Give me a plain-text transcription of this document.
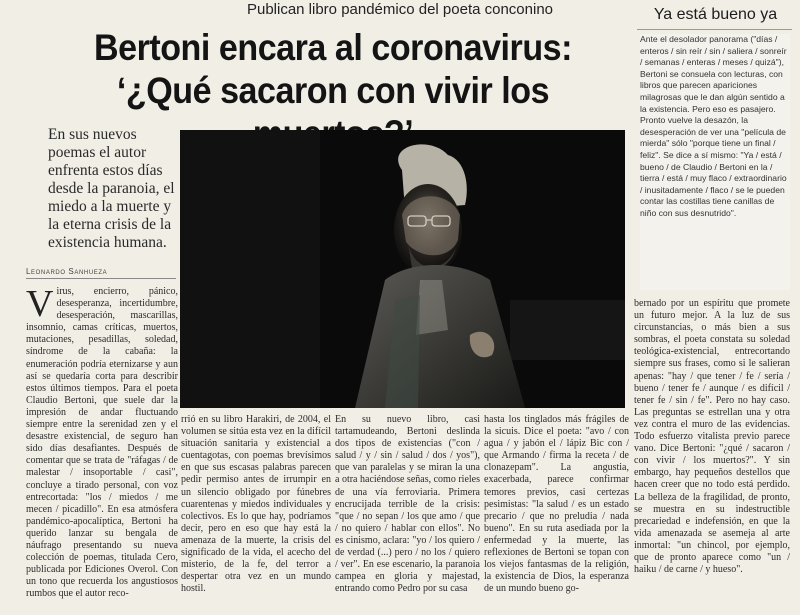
Publican libro pandémico del poeta conconino
Bertoni encara al coronavirus:
‘¿Qué sacaron con vivir los
En sus nuevos poemas el autor enfrenta estos días desde la paranoia, el miedo a la muerte y la eterna crisis de la existencia humana.
Leonardo Sanhueza
Virus, encierro, pánico, desesperanza, incertidumbre, desesperación, mascarillas, insomnio, camas críticas, muertos, mutaciones, pesadillas, soledad, síndrome de la cabaña: la enumeración podría eternizarse y aun así se quedaría corta para describir estos últimos tiempos. Para el poeta Claudio Bertoni, que suele dar la impresión de andar fluctuando siempre entre la serenidad zen y el desastre existencial, de seguro han sido días desafiantes. Después de comentar que se trata de "ráfagas / de malestar / insoportable / casi", concluye a tirado personal, con voz entrecortada: "los / miedos / me mecen / picadillo". En esa atmósfera pandémico-apocalíptica, Bertoni ha querido lanzar su bengala de náufrago presentando su nueva colección de poemas, titulada Cero, publicada por Ediciones Overol. Con un tono que recuerda los angustiosos rumbos que el autor reco-
rrió en su libro Harakiri, de 2004, el volumen se sitúa esta vez en la difícil situación sanitaria y existencial a cuentagotas, con poemas brevísimos en que sus escasas palabras parecen pedir permiso antes de irrumpir en un silencio obligado por fúnebres cuarentenas y miedos individuales y colectivos. Es lo que hay, podríamos decir, pero en eso que hay está la amenaza de la muerte, la crisis del significado de la vida, el acecho del misterio, de la fe, del terror a despertar otra vez en un mundo hostil.
En su nuevo libro, casi tartamudeando, Bertoni deslinda dos tipos de existencias ("con / salud / y / sin / salud / dos / yos"), que van paralelas y se miran la una a otra haciéndose señas, como rieles de una vía ferroviaria. Primera encrucijada terrible de la crisis: "que / no sepan / los que amo / que / no quiero / hablar con ellos". No es cinismo, aclara: "yo / los quiero / de verdad (...) pero / no los / quiero / ver". En ese escenario, la paranoia campea en gloria y majestad, entrando como Pedro por su casa
hasta los tinglados más frágiles de la sicuis. Dice el poeta: "avo / con agua / y jabón el / lápiz Bic con / que Armando / firma la receta / de clonazepam". La angustia, exacerbada, parece confirmar temores previos, casi certezas pesimistas: "la salud / es un estado precario / que no preludia / nada bueno". En su ruta asediada por la enfermedad y la muerte, las reflexiones de Bertoni se topan con los viejos fantasmas de la religión, la existencia de Dios, la esperanza de un mundo bueno go-
bernado por un espíritu que promete un futuro mejor. A la luz de sus circunstancias, o más bien a sus sombras, el poeta constata su soledad teológica-existencial, entrecortando siempre sus frases, como si le salieran apenas: "hay / que tener / fe / sería / bueno / tener fe / aunque / es difícil / tener fe / sin / fe". Pero no hay caso. Las preguntas se estrellan una y otra vez contra el muro de las evidencias. Todo esfuerzo vitalista previo parece vano. Dice Bertoni: "¿qué / sacaron / con vivir / los muertos?". Y sin embargo, hay pequeños destellos que hacen creer que no todo está perdido. La belleza de la fragilidad, de pronto, se muestra en su indestructible precariedad e indefensión, en que la vida amenazada se asemeja al arte inmortal: "un chincol, por ejemplo, que de pronto aparece como "un / haiku / de carne / y hueso".
Ya está bueno ya
Ante el desolador panorama ("días / enteros / sin reír / sin / saliera / sonreír / semanas / enteras / meses / quizá"), Bertoni se consuela con lecturas, con libros que parecen apariciones milagrosas que le dan algún sentido a la existencia. Pero eso es pasajero. Pronto vuelve la desazón, la desesperación de ver una "película de mierda" sólo "porque tiene un final / feliz". Se dice a sí mismo: "Ya / está / bueno / de Claudio / Bertoni en la / tierra / está / muy flaco / extraordinario / inusitadamente / flaco / se le pueden contar las costillas tiene canillas de niño con sus desnutrido".
